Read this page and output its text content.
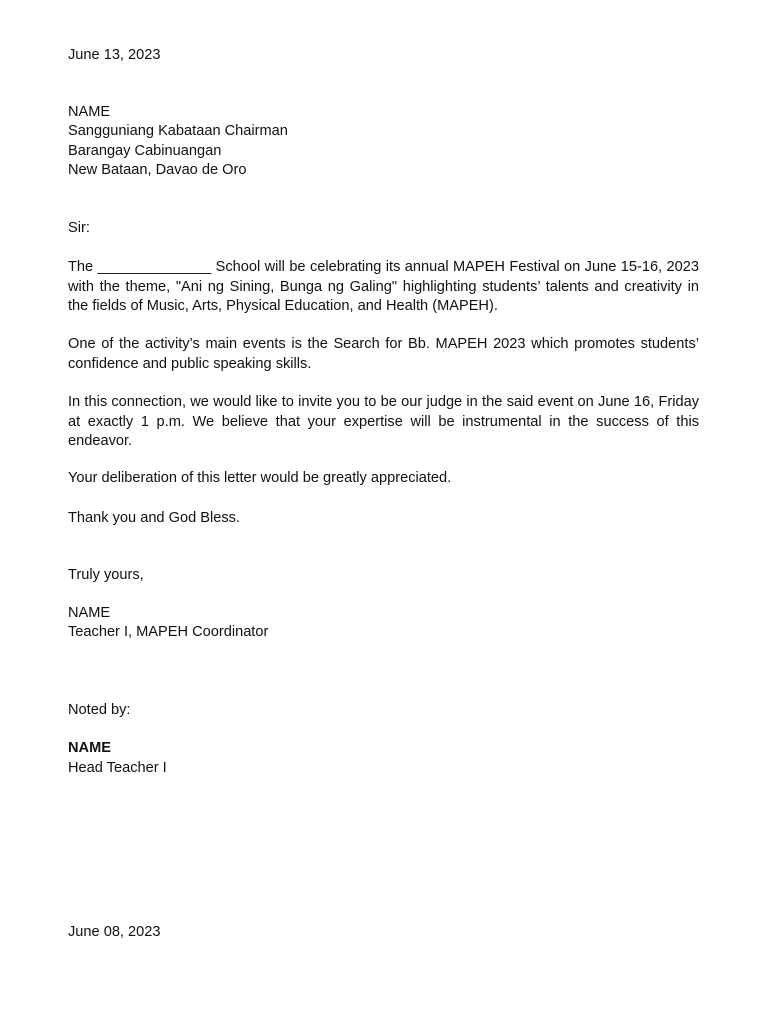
June 13, 2023
NAME
Sangguniang Kabataan Chairman
Barangay Cabinuangan
New Bataan, Davao de Oro
Sir:

The ______________ School will be celebrating its annual MAPEH Festival on June 15-16, 2023 with the theme, "Ani ng Sining, Bunga ng Galing" highlighting students’ talents and creativity in the fields of Music, Arts, Physical Education, and Health (MAPEH).

One of the activity’s main events is the Search for Bb. MAPEH 2023 which promotes students’ confidence and public speaking skills.

In this connection, we would like to invite you to be our judge in the said event on June 16, Friday at exactly 1 p.m. We believe that your expertise will be instrumental in the success of this endeavor.

Your deliberation of this letter would be greatly appreciated.

Thank you and God Bless.

Truly yours,
NAME
Teacher I, MAPEH Coordinator
Noted by:
NAME
Head Teacher I
June 08, 2023
